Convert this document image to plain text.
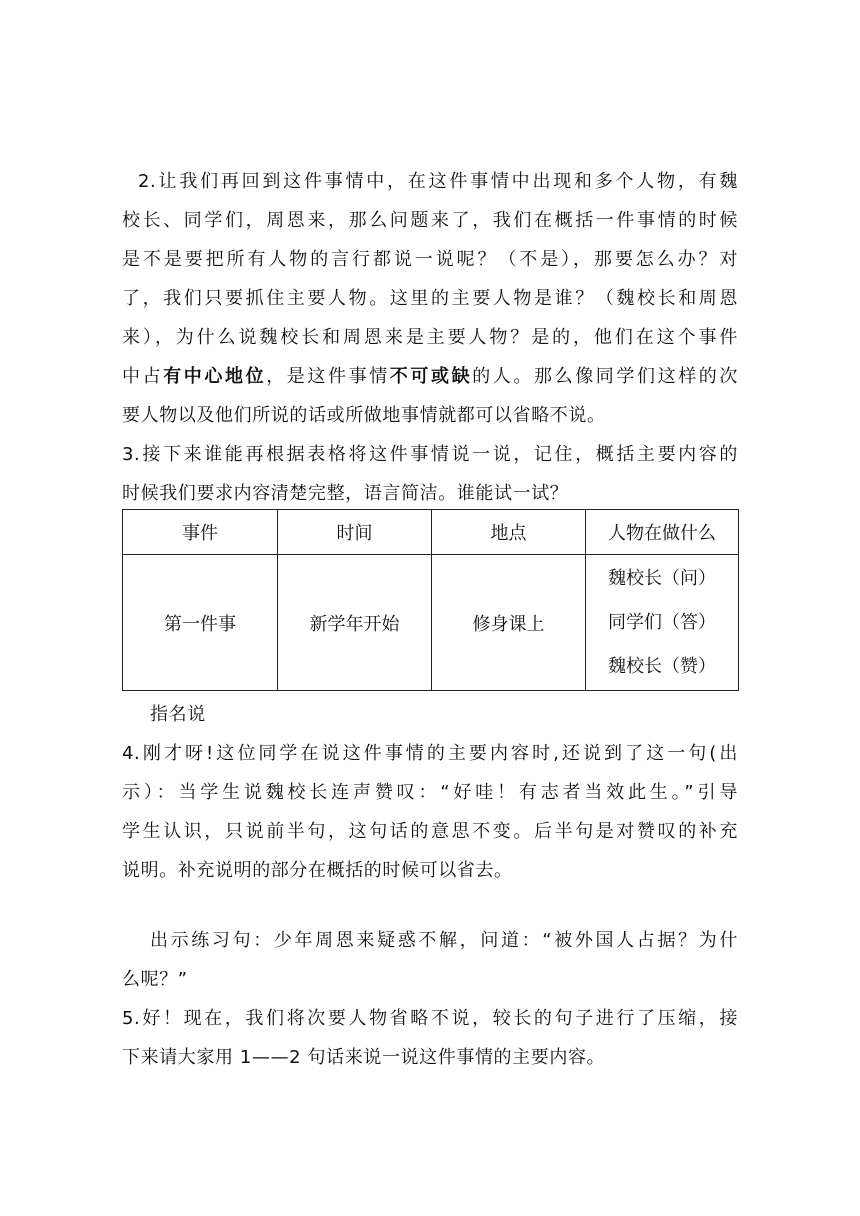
2.让我们再回到这件事情中，在这件事情中出现和多个人物，有魏
校长、同学们，周恩来，那么问题来了，我们在概括一件事情的时候
是不是要把所有人物的言行都说一说呢？（不是），那要怎么办？对
了，我们只要抓住主要人物。这里的主要人物是谁？（魏校长和周恩
来），为什么说魏校长和周恩来是主要人物？是的，他们在这个事件
中占有中心地位，是这件事情不可或缺的人。那么像同学们这样的次
要人物以及他们所说的话或所做地事情就都可以省略不说。
3.接下来谁能再根据表格将这件事情说一说，记住，概括主要内容的
时候我们要求内容清楚完整，语言简洁。谁能试一试？
事件	时间	地点	人物在做什么
第一件事	新学年开始	修身课上	魏校长（问）
同学们（答）
魏校长（赞）
指名说
4.刚才呀!这位同学在说这件事情的主要内容时,还说到了这一句(出
示）：当学生说魏校长连声赞叹：“好哇！有志者当效此生。”引导
学生认识，只说前半句，这句话的意思不变。后半句是对赞叹的补充
说明。补充说明的部分在概括的时候可以省去。
出示练习句：少年周恩来疑惑不解，问道：“被外国人占据？为什
么呢？”
5.好！现在，我们将次要人物省略不说，较长的句子进行了压缩，接
下来请大家用 1——2 句话来说一说这件事情的主要内容。
